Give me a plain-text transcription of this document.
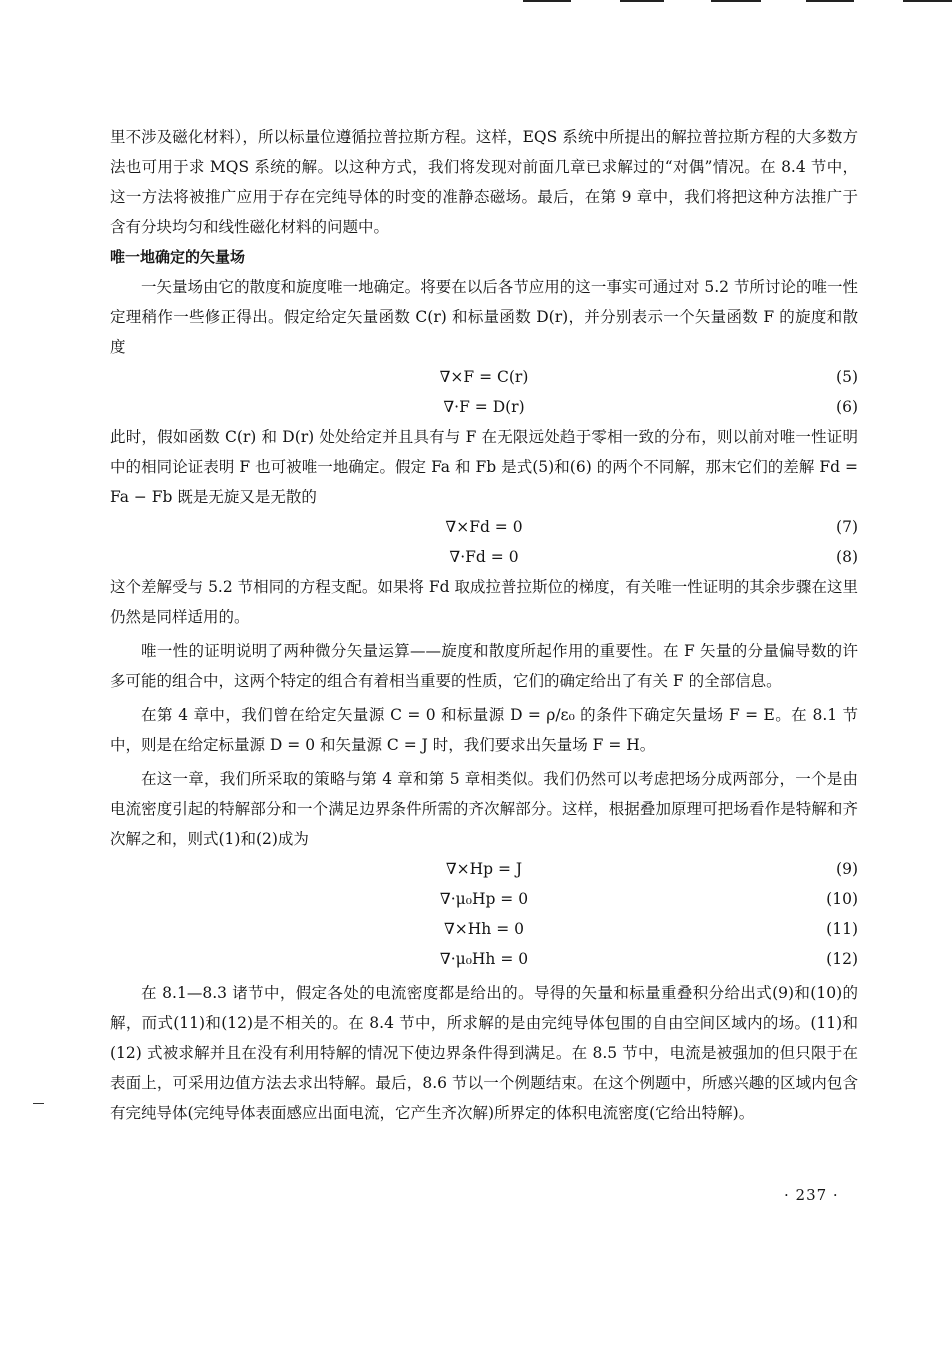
里不涉及磁化材料），所以标量位遵循拉普拉斯方程。这样，EQS 系统中所提出的解拉普拉斯方程的大多数方法也可用于求 MQS 系统的解。以这种方式，我们将发现对前面几章已求解过的“对偶”情况。在 8.4 节中，这一方法将被推广应用于存在完纯导体的时变的准静态磁场。最后，在第 9 章中，我们将把这种方法推广于含有分块均匀和线性磁化材料的问题中。

唯一地确定的矢量场

一矢量场由它的散度和旋度唯一地确定。将要在以后各节应用的这一事实可通过对 5.2 节所讨论的唯一性定理稍作一些修正得出。假定给定矢量函数 C(r) 和标量函数 D(r)，并分别表示一个矢量函数 F 的旋度和散度

∇×F = C(r)	(5)
∇·F = D(r)	(6)

此时，假如函数 C(r) 和 D(r) 处处给定并且具有与 F 在无限远处趋于零相一致的分布，则以前对唯一性证明中的相同论证表明 F 也可被唯一地确定。假定 Fa 和 Fb 是式(5)和(6) 的两个不同解，那末它们的差解 Fd = Fa − Fb 既是无旋又是无散的

∇×Fd = 0	(7)
∇·Fd = 0	(8)

这个差解受与 5.2 节相同的方程支配。如果将 Fd 取成拉普拉斯位的梯度，有关唯一性证明的其余步骤在这里仍然是同样适用的。

唯一性的证明说明了两种微分矢量运算——旋度和散度所起作用的重要性。在 F 矢量的分量偏导数的许多可能的组合中，这两个特定的组合有着相当重要的性质，它们的确定给出了有关 F 的全部信息。

在第 4 章中，我们曾在给定矢量源 C = 0 和标量源 D = ρ/ε₀ 的条件下确定矢量场 F = E。在 8.1 节中，则是在给定标量源 D = 0 和矢量源 C = J 时，我们要求出矢量场 F = H。

在这一章，我们所采取的策略与第 4 章和第 5 章相类似。我们仍然可以考虑把场分成两部分，一个是由电流密度引起的特解部分和一个满足边界条件所需的齐次解部分。这样，根据叠加原理可把场看作是特解和齐次解之和，则式(1)和(2)成为

∇×Hp = J	(9)
∇·μ₀Hp = 0	(10)
∇×Hh = 0	(11)
∇·μ₀Hh = 0	(12)

在 8.1—8.3 诸节中，假定各处的电流密度都是给出的。导得的矢量和标量重叠积分给出式(9)和(10)的解，而式(11)和(12)是不相关的。在 8.4 节中，所求解的是由完纯导体包围的自由空间区域内的场。(11)和 (12) 式被求解并且在没有利用特解的情况下使边界条件得到满足。在 8.5 节中，电流是被强加的但只限于在表面上，可采用边值方法去求出特解。最后，8.6 节以一个例题结束。在这个例题中，所感兴趣的区域内包含有完纯导体(完纯导体表面感应出面电流，它产生齐次解)所界定的体积电流密度(它给出特解)。

· 237 ·
